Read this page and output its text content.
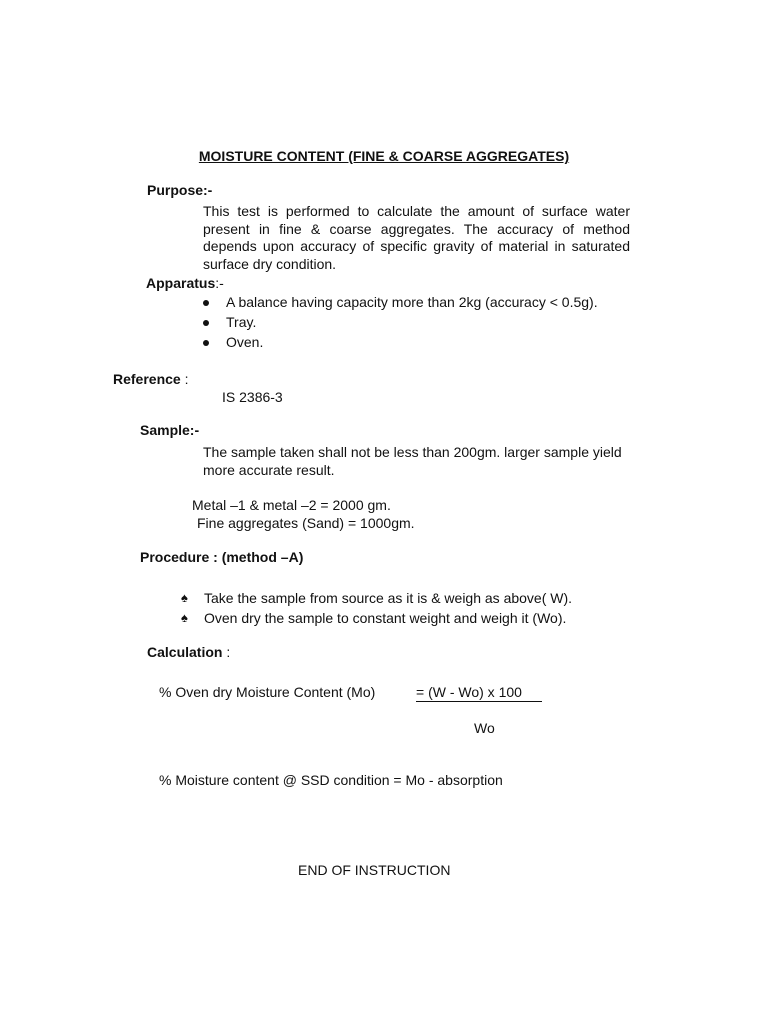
MOISTURE CONTENT (FINE & COARSE AGGREGATES)
Purpose:-
This test is performed to calculate the amount of surface water present in fine & coarse aggregates. The accuracy of method depends upon accuracy of specific gravity of material in saturated surface dry condition.
Apparatus:-
A balance having capacity more than 2kg (accuracy < 0.5g).
Tray.
Oven.
Reference :
IS 2386-3
Sample:-
The sample taken shall not be less than 200gm. larger sample yield
more accurate result.
Metal –1 & metal –2 = 2000 gm.
Fine aggregates (Sand) = 1000gm.
Procedure : (method –A)
♠ Take the sample from source as it is & weigh as above( W).
♠ Oven dry the sample to constant weight and weigh it (Wo).
Calculation :
% Oven dry Moisture Content (Mo)	= (W - Wo) x 100
Wo
% Moisture content @ SSD condition = Mo - absorption
END OF INSTRUCTION
